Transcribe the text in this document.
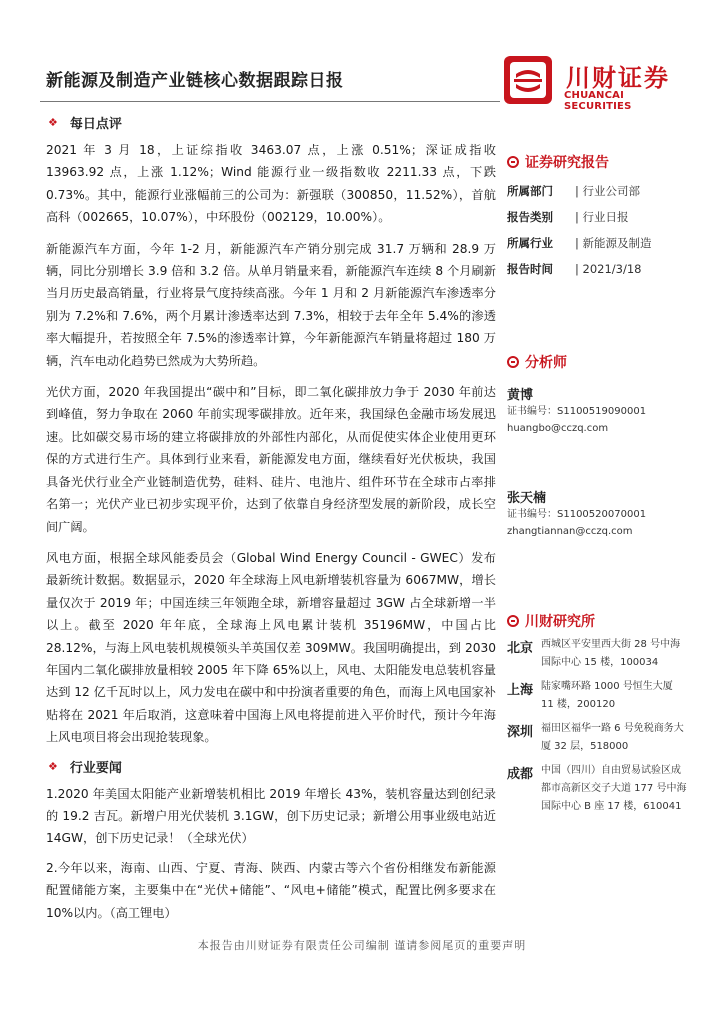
新能源及制造产业链核心数据跟踪日报	川财证券
CHUANCAI SECURITIES
❖ 每日点评

2021 年 3 月 18，上证综指收 3463.07 点，上涨 0.51%；深证成指收 13963.92 点，上涨 1.12%；Wind 能源行业一级指数收 2211.33 点，下跌 0.73%。其中，能源行业涨幅前三的公司为：新强联（300850，11.52%），首航高科（002665，10.07%），中环股份（002129，10.00%）。

新能源汽车方面，今年 1-2 月，新能源汽车产销分别完成 31.7 万辆和 28.9 万辆，同比分别增长 3.9 倍和 3.2 倍。从单月销量来看，新能源汽车连续 8 个月刷新当月历史最高销量，行业将景气度持续高涨。今年 1 月和 2 月新能源汽车渗透率分别为 7.2%和 7.6%，两个月累计渗透率达到 7.3%，相较于去年全年 5.4%的渗透率大幅提升，若按照全年 7.5%的渗透率计算，今年新能源汽车销量将超过 180 万辆，汽车电动化趋势已然成为大势所趋。

光伏方面，2020 年我国提出“碳中和”目标，即二氧化碳排放力争于 2030 年前达到峰值，努力争取在 2060 年前实现零碳排放。近年来，我国绿色金融市场发展迅速。比如碳交易市场的建立将碳排放的外部性内部化，从而促使实体企业使用更环保的方式进行生产。具体到行业来看，新能源发电方面，继续看好光伏板块，我国具备光伏行业全产业链制造优势，硅料、硅片、电池片、组件环节在全球市占率排名第一；光伏产业已初步实现平价，达到了依靠自身经济型发展的新阶段，成长空间广阔。

风电方面，根据全球风能委员会（Global Wind Energy Council - GWEC）发布最新统计数据。数据显示，2020 年全球海上风电新增装机容量为 6067MW，增长量仅次于 2019 年；中国连续三年领跑全球，新增容量超过 3GW 占全球新增一半以上。截至 2020 年年底，全球海上风电累计装机 35196MW，中国占比 28.12%，与海上风电装机规模领头羊英国仅差 309MW。我国明确提出，到 2030 年国内二氧化碳排放量相较 2005 年下降 65%以上，风电、太阳能发电总装机容量达到 12 亿千瓦时以上，风力发电在碳中和中扮演者重要的角色，而海上风电国家补贴将在 2021 年后取消，这意味着中国海上风电将提前进入平价时代，预计今年海上风电项目将会出现抢装现象。

❖ 行业要闻

1.2020 年美国太阳能产业新增装机相比 2019 年增长 43%，装机容量达到创纪录的 19.2 吉瓦。新增户用光伏装机 3.1GW，创下历史记录；新增公用事业级电站近 14GW，创下历史记录！（全球光伏）

2.今年以来，海南、山西、宁夏、青海、陕西、内蒙古等六个省份相继发布新能源配置储能方案，主要集中在“光伏+储能”、“风电+储能”模式，配置比例多要求在 10%以内。（高工锂电）

证券研究报告
所属部门	| 行业公司部
报告类别	| 行业日报
所属行业	| 新能源及制造
报告时间	| 2021/3/18
分析师
黄博
证书编号：S1100519090001
huangbo@cczq.com
张天楠
证书编号：S1100520070001
zhangtiannan@cczq.com
川财研究所
北京 西城区平安里西大街 28 号中海国际中心 15 楼，100034
上海 陆家嘴环路 1000 号恒生大厦 11 楼，200120
深圳 福田区福华一路 6 号免税商务大厦 32 层，518000
成都 中国（四川）自由贸易试验区成都市高新区交子大道 177 号中海国际中心 B 座 17 楼，610041
本报告由川财证券有限责任公司编制 谨请参阅尾页的重要声明
